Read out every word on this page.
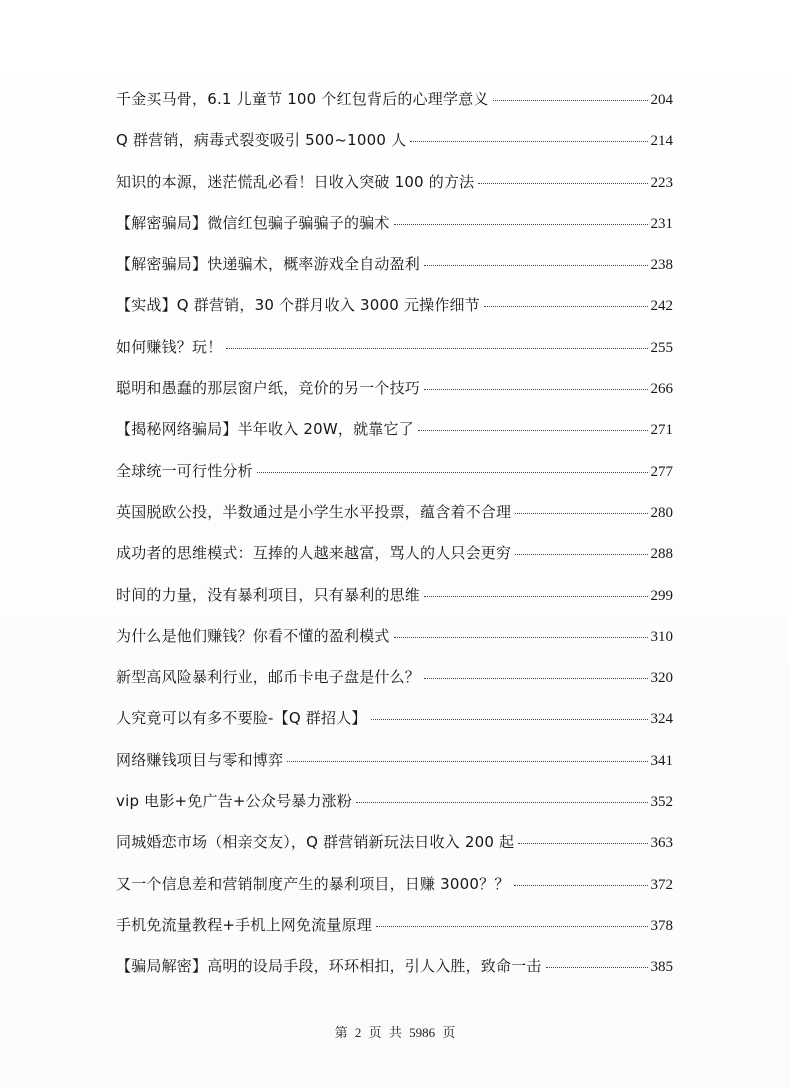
千金买马骨，6.1 儿童节 100 个红包背后的心理学意义	204
Q 群营销，病毒式裂变吸引 500~1000 人	214
知识的本源，迷茫慌乱必看！日收入突破 100 的方法	223
【解密骗局】微信红包骗子骗骗子的骗术	231
【解密骗局】快递骗术，概率游戏全自动盈利	238
【实战】Q 群营销，30 个群月收入 3000 元操作细节	242
如何赚钱？玩！	255
聪明和愚蠢的那层窗户纸，竞价的另一个技巧	266
【揭秘网络骗局】半年收入 20W，就靠它了	271
全球统一可行性分析	277
英国脱欧公投，半数通过是小学生水平投票，蕴含着不合理	280
成功者的思维模式：互捧的人越来越富，骂人的人只会更穷	288
时间的力量，没有暴利项目，只有暴利的思维	299
为什么是他们赚钱？你看不懂的盈利模式	310
新型高风险暴利行业，邮币卡电子盘是什么？	320
人究竟可以有多不要脸-【Q 群招人】	324
网络赚钱项目与零和博弈	341
vip 电影+免广告+公众号暴力涨粉	352
同城婚恋市场（相亲交友），Q 群营销新玩法日收入 200 起	363
又一个信息差和营销制度产生的暴利项目，日赚 3000？？	372
手机免流量教程+手机上网免流量原理	378
【骗局解密】高明的设局手段，环环相扣，引人入胜，致命一击	385
第 2 页 共 5986 页
